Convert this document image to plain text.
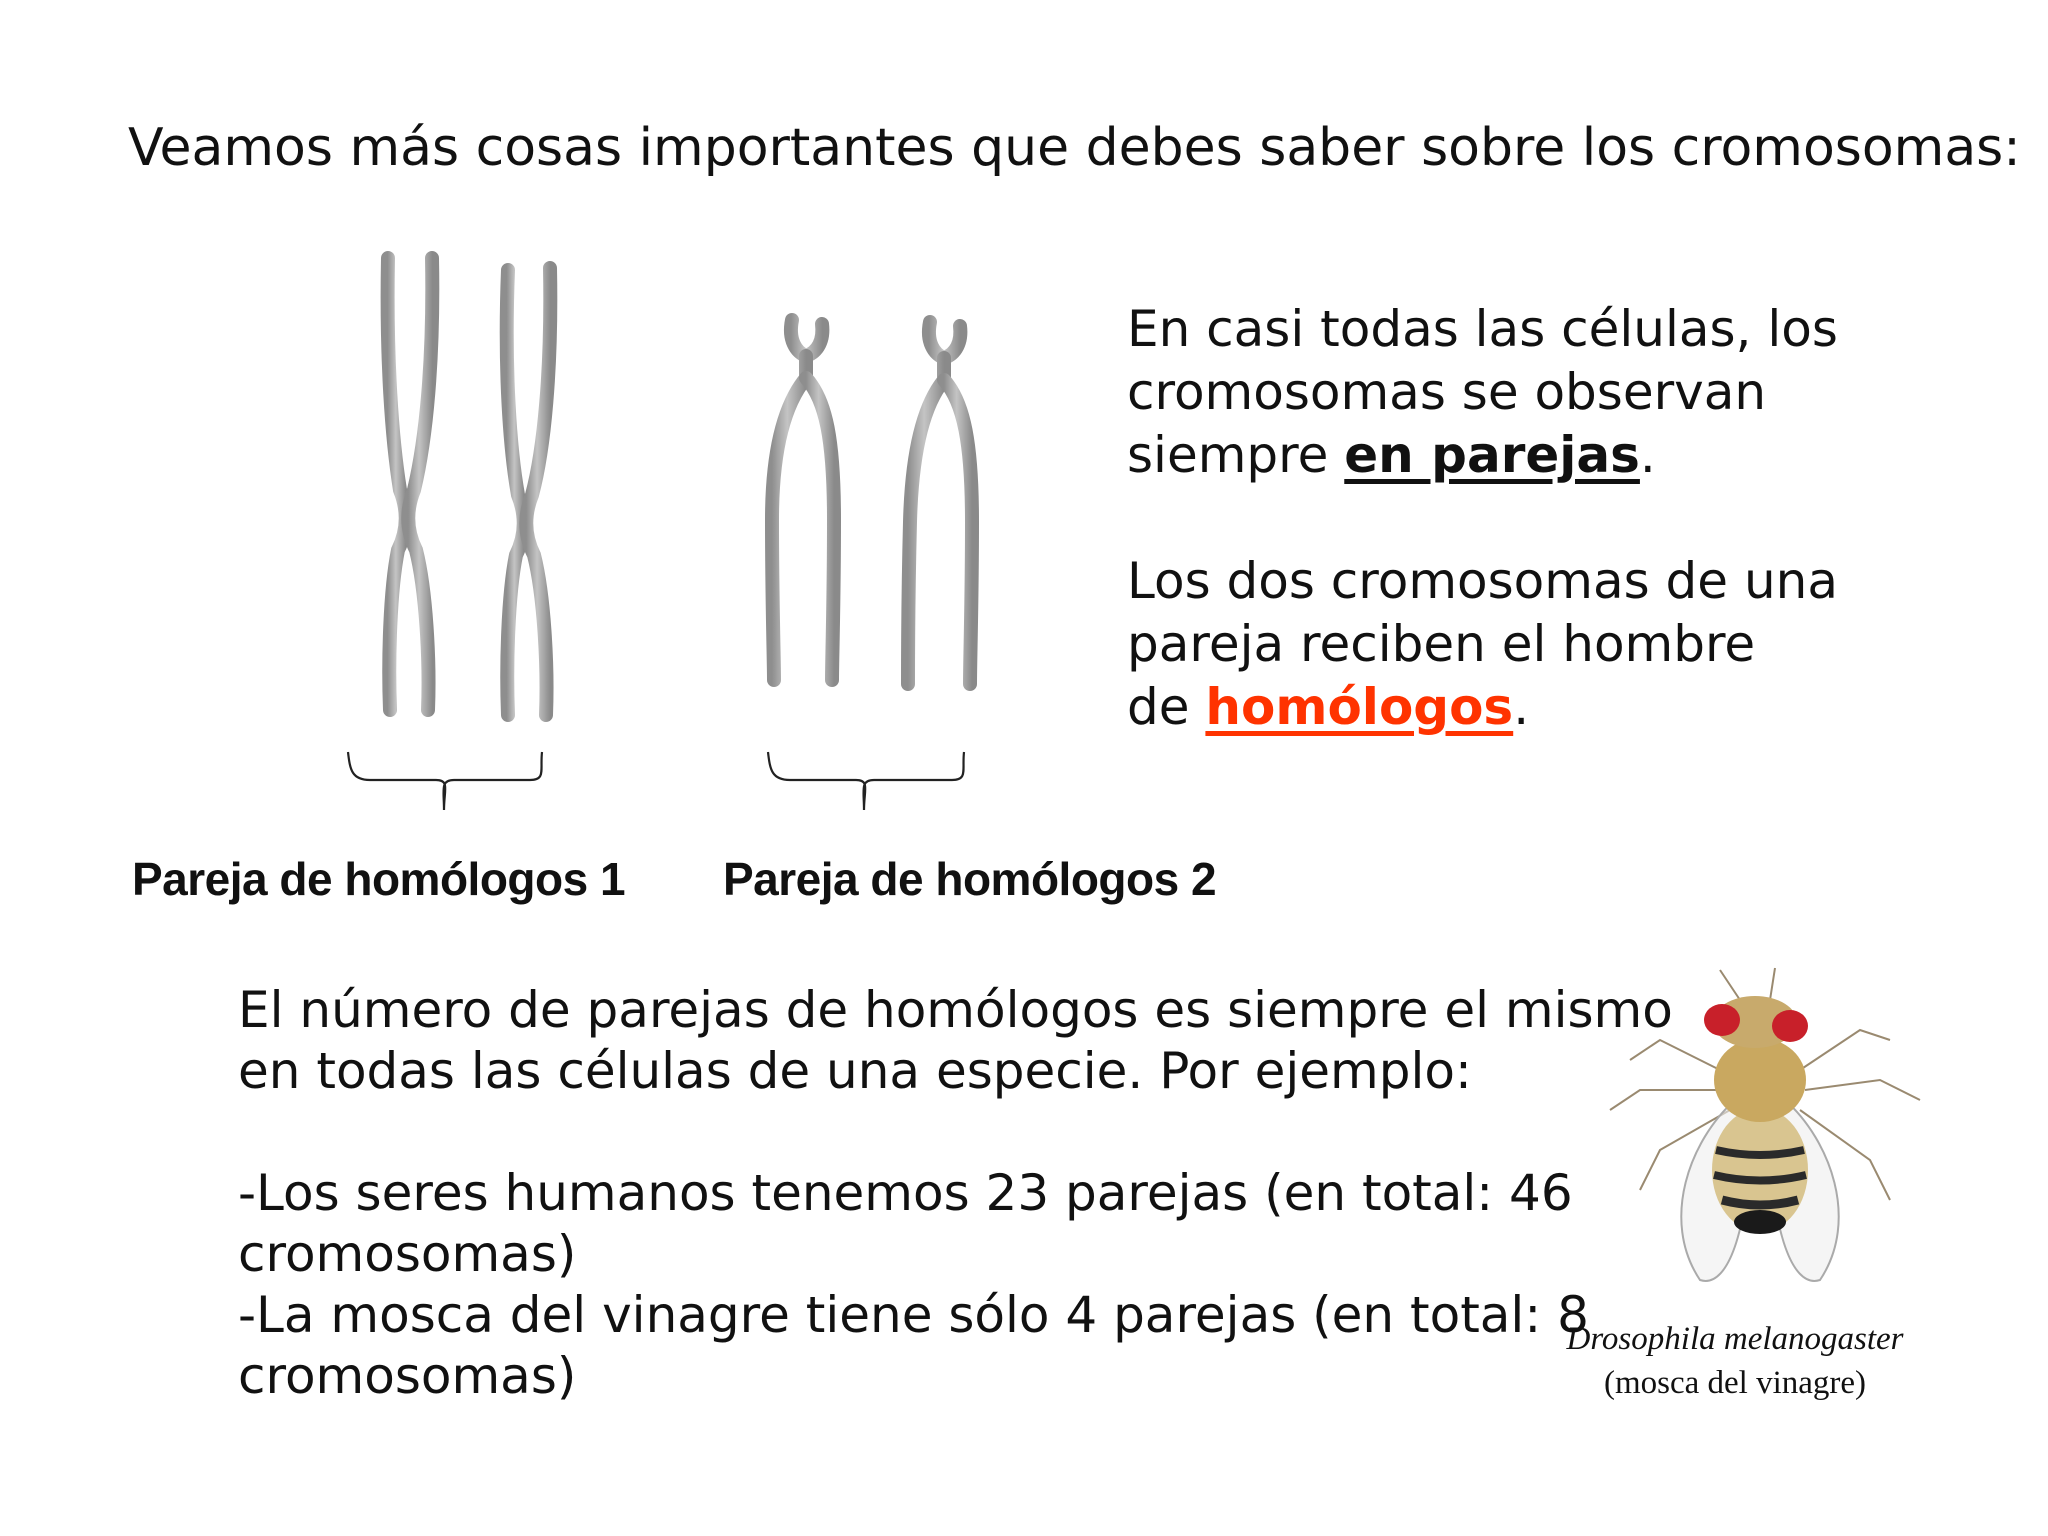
Veamos más cosas importantes que debes saber sobre los cromosomas:

En casi todas las células, los

cromosomas se observan

siempre en parejas.

Los dos cromosomas de una

pareja reciben el hombre

de homólogos.

Pareja de homólogos 1 Pareja de homólogos 2

El número de parejas de homólogos es siempre el mismo

en todas las células de una especie. Por ejemplo:

-Los seres humanos tenemos 23 parejas (en total: 46

cromosomas)

-La mosca del vinagre tiene sólo 4 parejas (en total: 8

cromosomas)

Drosophila melanogaster
(mosca del vinagre)
